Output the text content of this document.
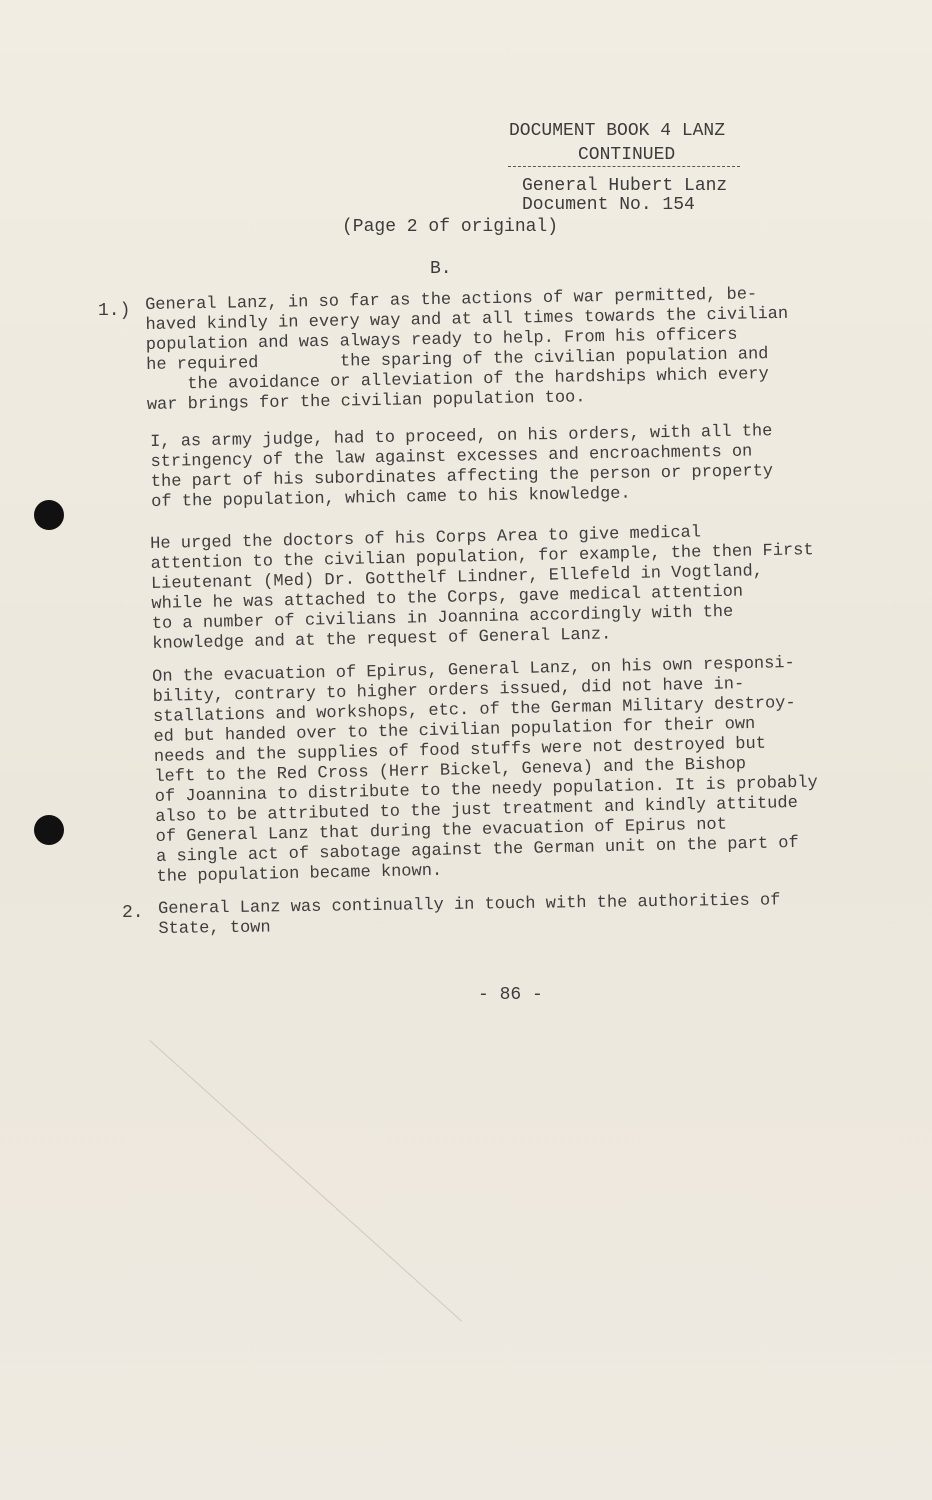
DOCUMENT BOOK 4 LANZ

CONTINUED

General Hubert Lanz

Document No. 154

(Page 2 of original)

B.

1.) General Lanz, in so far as the actions of war permitted, be-
haved kindly in every way and at all times towards the civilian
population and was always ready to help. From his officers
he required        the sparing of the civilian population and
the avoidance or alleviation of the hardships which every
war brings for the civilian population too.

I, as army judge, had to proceed, on his orders, with all the
stringency of the law against excesses and encroachments on
the part of his subordinates affecting the person or property
of the population, which came to his knowledge.

He urged the doctors of his Corps Area to give medical
attention to the civilian population, for example, the then First
Lieutenant (Med) Dr. Gotthelf Lindner, Ellefeld in Vogtland,
while he was attached to the Corps, gave medical attention
to a number of civilians in Joannina accordingly with the
knowledge and at the request of General Lanz.

On the evacuation of Epirus, General Lanz, on his own responsi-
bility, contrary to higher orders issued, did not have in-
stallations and workshops, etc. of the German Military destroy-
ed but handed over to the civilian population for their own
needs and the supplies of food stuffs were not destroyed but
left to the Red Cross (Herr Bickel, Geneva) and the Bishop
of Joannina to distribute to the needy population. It is probably
also to be attributed to the just treatment and kindly attitude
of General Lanz that during the evacuation of Epirus not
a single act of sabotage against the German unit on the part of
the population became known.

2. General Lanz was continually in touch with the authorities of
State, town

- 86 -
